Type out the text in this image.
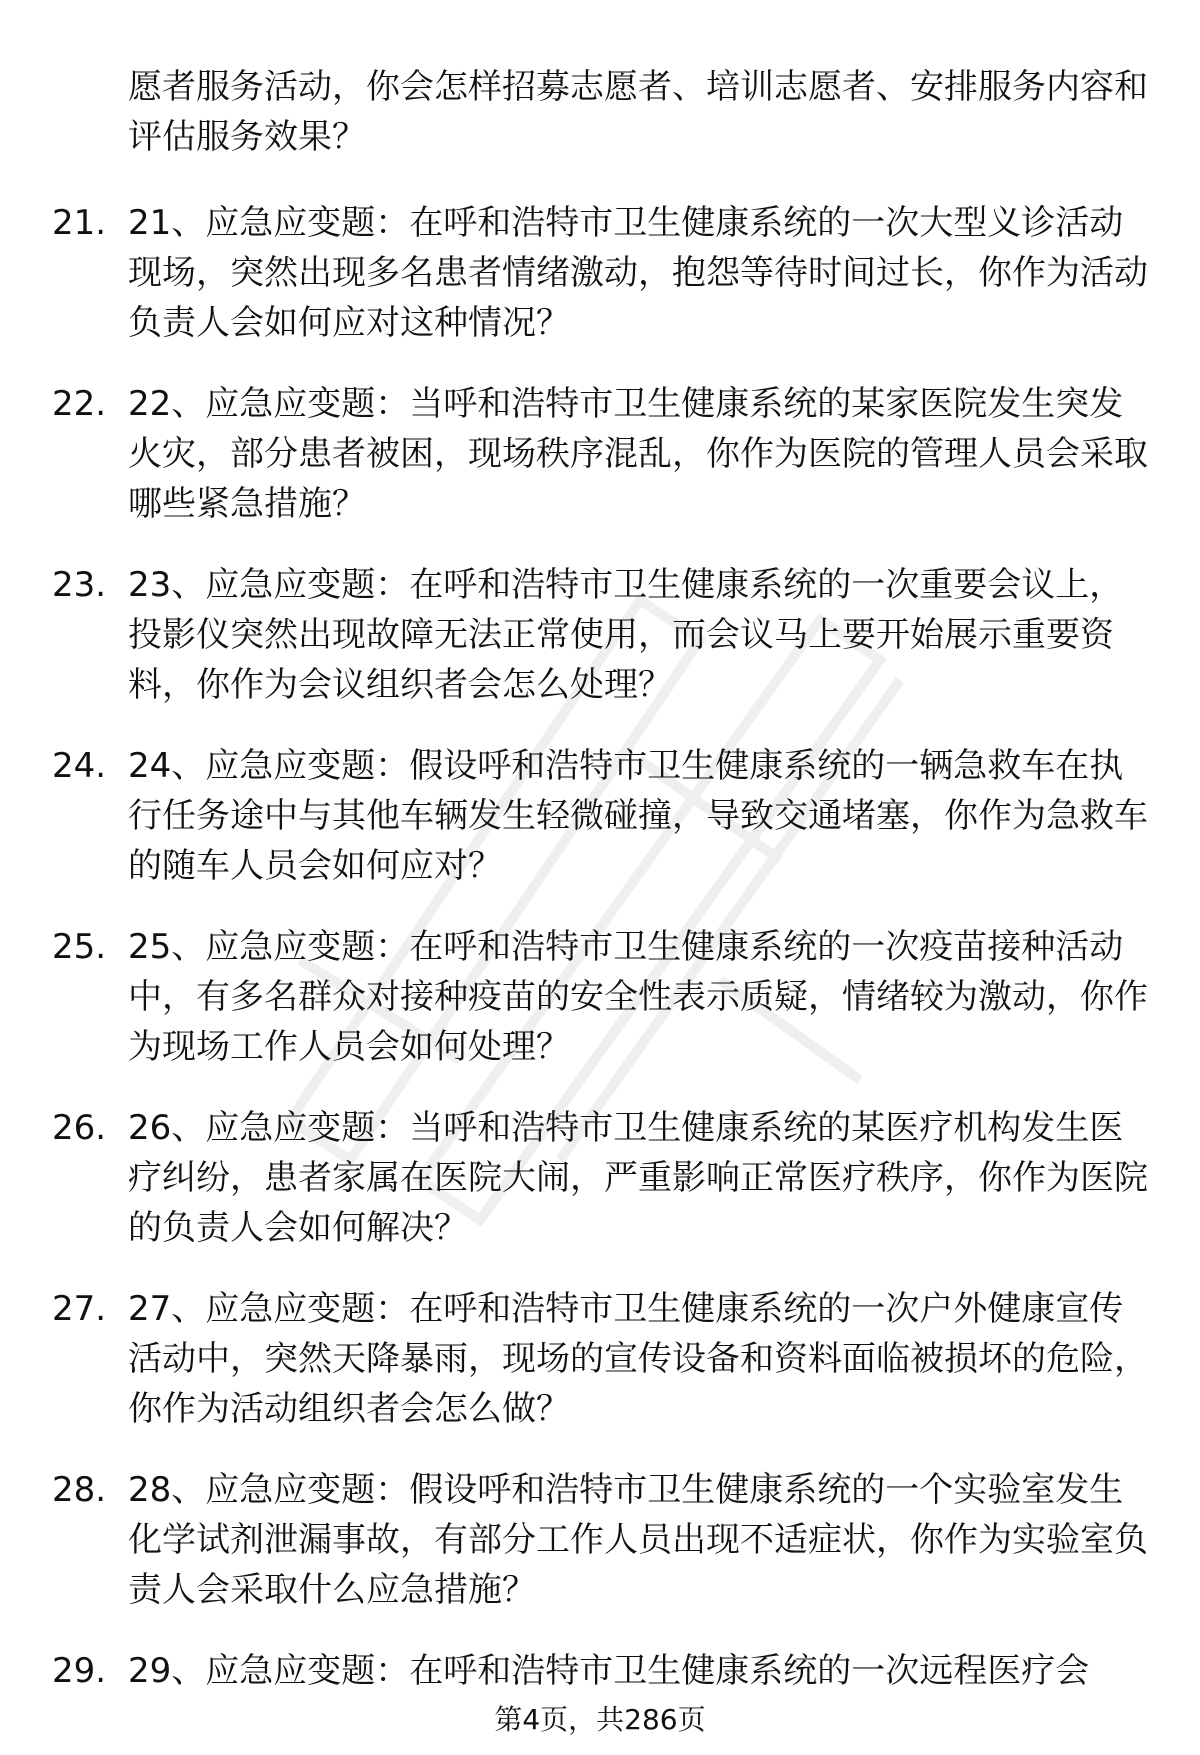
愿者服务活动，你会怎样招募志愿者、培训志愿者、安排服务内容和评估服务效果？

21. 21、应急应变题：在呼和浩特市卫生健康系统的一次大型义诊活动现场，突然出现多名患者情绪激动，抱怨等待时间过长，你作为活动负责人会如何应对这种情况？
22. 22、应急应变题：当呼和浩特市卫生健康系统的某家医院发生突发火灾，部分患者被困，现场秩序混乱，你作为医院的管理人员会采取哪些紧急措施？
23. 23、应急应变题：在呼和浩特市卫生健康系统的一次重要会议上，投影仪突然出现故障无法正常使用，而会议马上要开始展示重要资料，你作为会议组织者会怎么处理？
24. 24、应急应变题：假设呼和浩特市卫生健康系统的一辆急救车在执行任务途中与其他车辆发生轻微碰撞，导致交通堵塞，你作为急救车的随车人员会如何应对？
25. 25、应急应变题：在呼和浩特市卫生健康系统的一次疫苗接种活动中，有多名群众对接种疫苗的安全性表示质疑，情绪较为激动，你作为现场工作人员会如何处理？
26. 26、应急应变题：当呼和浩特市卫生健康系统的某医疗机构发生医疗纠纷，患者家属在医院大闹，严重影响正常医疗秩序，你作为医院的负责人会如何解决？
27. 27、应急应变题：在呼和浩特市卫生健康系统的一次户外健康宣传活动中，突然天降暴雨，现场的宣传设备和资料面临被损坏的危险，你作为活动组织者会怎么做？
28. 28、应急应变题：假设呼和浩特市卫生健康系统的一个实验室发生化学试剂泄漏事故，有部分工作人员出现不适症状，你作为实验室负责人会采取什么应急措施？
29. 29、应急应变题：在呼和浩特市卫生健康系统的一次远程医疗会
第4页，共286页
